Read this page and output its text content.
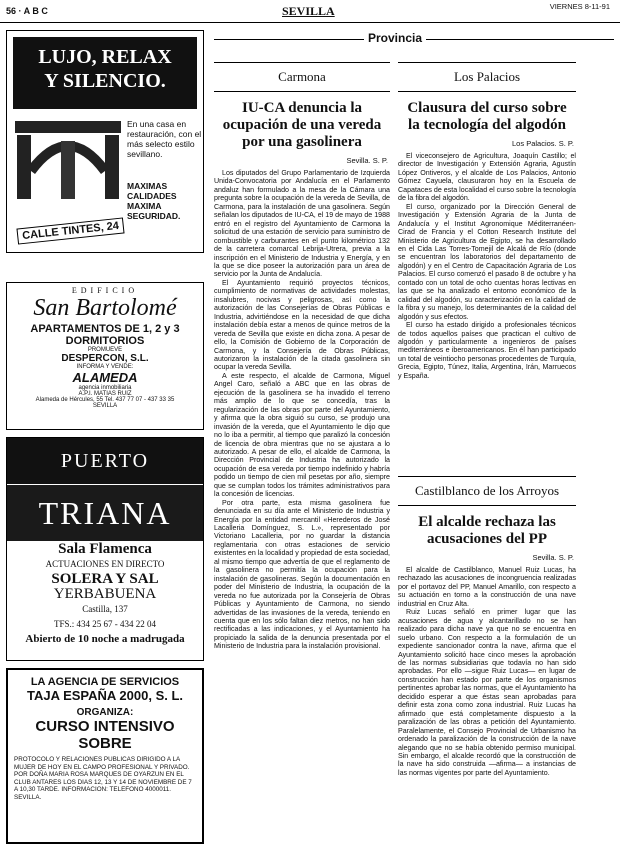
56 · A B C	SEVILLA	VIERNES 8-11-91
Provincia
LUJO, RELAX
Y SILENCIO.
En una casa en restauración, con el más selecto estilo sevillano.
MAXIMAS CALIDADES MAXIMA SEGURIDAD.
CALLE TINTES, 24
EDIFICIO
San Bartolomé
APARTAMENTOS DE 1, 2 y 3 DORMITORIOS
PROMUEVE
DESPERCON, S.L.
INFORMA Y VENDE:
ALAMEDA
agencia inmobiliaria
A.P.I. MATIAS RUIZ
Alameda de Hércules, 55 Tel. 437 77 07 - 437 33 35
SEVILLA
PUERTO
TRIANA
Sala Flamenca
ACTUACIONES EN DIRECTO
SOLERA Y SAL
YERBABUENA
Castilla, 137
TFS.: 434 25 67 - 434 22 04
Abierto de 10 noche a madrugada
LA AGENCIA DE SERVICIOS
TAJA ESPAÑA 2000, S. L.
ORGANIZA:
CURSO INTENSIVO
SOBRE
PROTOCOLO Y RELACIONES PUBLICAS DIRIGIDO A LA MUJER DE HOY EN EL CAMPO PROFESIONAL Y PRIVADO. POR DOÑA MARIA ROSA MARQUES DE OYARZUN EN EL CLUB ANTARES LOS DIAS 12, 13 Y 14 DE NOVIEMBRE DE 7 A 10,30 TARDE. INFORMACION: TELEFONO 4000011. SEVILLA.
Carmona
IU-CA denuncia la ocupación de una vereda por una gasolinera
Sevilla. S. P.

Los diputados del Grupo Parlamentario de Izquierda Unida-Convocatoria por Andalucía en el Parlamento andaluz han formulado a la mesa de la Cámara una pregunta sobre la ocupación de la vereda de Sevilla, de Carmona, para la instalación de una gasolinera. Según señalan los diputados de IU-CA, el 19 de mayo de 1988 entró en el registro del Ayuntamiento de Carmona la solicitud de una estación de servicio para suministro de combustible y carburantes en el punto kilométrico 132 de la carretera comarcal Lebrija-Utrera, previa a la inscripción en el Ministerio de Industria y Energía, y en la que se dice poseer la autorización para un área de servicio por la Junta de Andalucía.

El Ayuntamiento requirió proyectos técnicos, cumplimiento de normativas de actividades molestas, insalubres, nocivas y peligrosas, así como la autorización de las Consejerías de Obras Públicas e Industria, advirtiéndose en la necesidad de que dicha instalación debía estar a menos de quince metros de la vereda de Sevilla que existe en dicha zona. A pesar de ello, la Comisión de Gobierno de la Corporación de Carmona, y la Consejería de Obras Públicas, autorizaron la instalación de la citada gasolinera sin ocupar la vereda Sevilla.

A este respecto, el alcalde de Carmona, Miguel Angel Caro, señaló a ABC que en las obras de ejecución de la gasolinera se ha invadido el terreno más amplio de lo que se concedía, tras la regularización de las obras por parte del Ayuntamiento, y afirma que la obra siguió su curso, se produjo una invasión de la vereda, que el Ayuntamiento le dijo que no lo iba a permitir, al tiempo que paralizó la concesión de licencia de obra mientras que no se ajustara a lo autorizado. A pesar de ello, el alcalde de Carmona, la Dirección Provincial de Industria ha autorizado la ocupación de esa vereda por tiempo indefinido y habría podido un tiempo de cien mil pesetas por año, siempre que se cumplan todos los trámites administrativos para la concesión de licencias.

Por otra parte, esta misma gasolinera fue denunciada en su día ante el Ministerio de Industria y Energía por la entidad mercantil «Herederos de José Lacalleria Domínguez, S. L.», representado por Victoriano Lacalleria, por no guardar la distancia reglamentaria con otras estaciones de servicio existentes en la localidad y propiedad de esta sociedad, al mismo tiempo que advertía de que el reglamento de la gasolinera no permitía la ocupación para la instalación de gasolineras. Según la documentación en poder del Ministerio de Industria, la ocupación de la vereda no fue autorizada por la Consejería de Obras Públicas y Ayuntamiento de Carmona, no siendo advertidas de las invasiones de la vereda, teniendo en cuenta que en los sólo faltan diez metros, no han sido rectificadas a las indicaciones, y el Ayuntamiento ha propiciado la salida de la denuncia presentada por el Ministerio de Industria para la instalación provisional.

Los Palacios
Clausura del curso sobre la tecnología del algodón
Los Palacios. S. P.

El viceconsejero de Agricultura, Joaquín Castillo; el director de Investigación y Extensión Agraria, Agustín López Ontiveros, y el alcalde de Los Palacios, Antonio Gómez Cayuela, clausuraron hoy en la Escuela de Capataces de esta localidad el curso sobre la tecnología de la fibra del algodón.

El curso, organizado por la Dirección General de Investigación y Extensión Agraria de la Junta de Andalucía y el Institut Agronomique Méditerranéen-Cirad de Francia y el Cotton Research Institute del Ministerio de Agricultura de Egipto, se ha desarrollado en el Cida Las Torres-Tomejil de Alcalá de Río (donde se encuentran los laboratorios del departamento de algodón) y en el Centro de Capacitación Agraria de Los Palacios. El curso comenzó el pasado 8 de octubre y ha contado con un total de ocho cuentas horas lectivas en las que se ha analizado el entorno económico de la calidad del algodón, su caracterización en la calidad de la fibra y su manejo, los determinantes de la calidad del algodón y sus efectos.

El curso ha estado dirigido a profesionales técnicos de todos aquellos países que practican el cultivo de algodón y particularmente a ingenieros de países mediterráneos e iberoamericanos. En él han participado un total de veintiocho personas procedentes de Turquía, Grecia, Egipto, Túnez, Italia, Argentina, Irán, Marruecos y España.

Castilblanco de los Arroyos
El alcalde rechaza las acusaciones del PP
Sevilla. S. P.

El alcalde de Castilblanco, Manuel Ruiz Lucas, ha rechazado las acusaciones de incongruencia realizadas por el portavoz del PP, Manuel Amarillo, con respecto a su actuación en torno a la construcción de una nave industrial en Cruz Alta.

Ruiz Lucas señaló en primer lugar que las acusaciones de agua y alcantarillado no se han realizado para dicha nave ya que no se encuentra en suelo urbano. Con respecto a la formulación de un expediente sancionador contra la nave, afirma que el Ayuntamiento solicitó hace cinco meses la aprobación de las normas subsidiarias que todavía no han sido aprobadas. Por ello —sigue Ruiz Lucas— en lugar de construcción han estado por parte de los organismos pertinentes aprobar las normas, que el Ayuntamiento ha decidido esperar a que éstas sean aprobadas para definir esta zona como zona industrial. Ruiz Lucas ha afirmado que está completamente dispuesto a la paralización de las obras a petición del Ayuntamiento. Paralelamente, el Consejo Provincial de Urbanismo ha ordenado la paralización de la construcción de la nave alegando que no se había obtenido permiso municipal. Sin embargo, el alcalde recordó que la construcción de la nave ha sido construida —afirma— a instancias de las normas vigentes por parte del Ayuntamiento.
